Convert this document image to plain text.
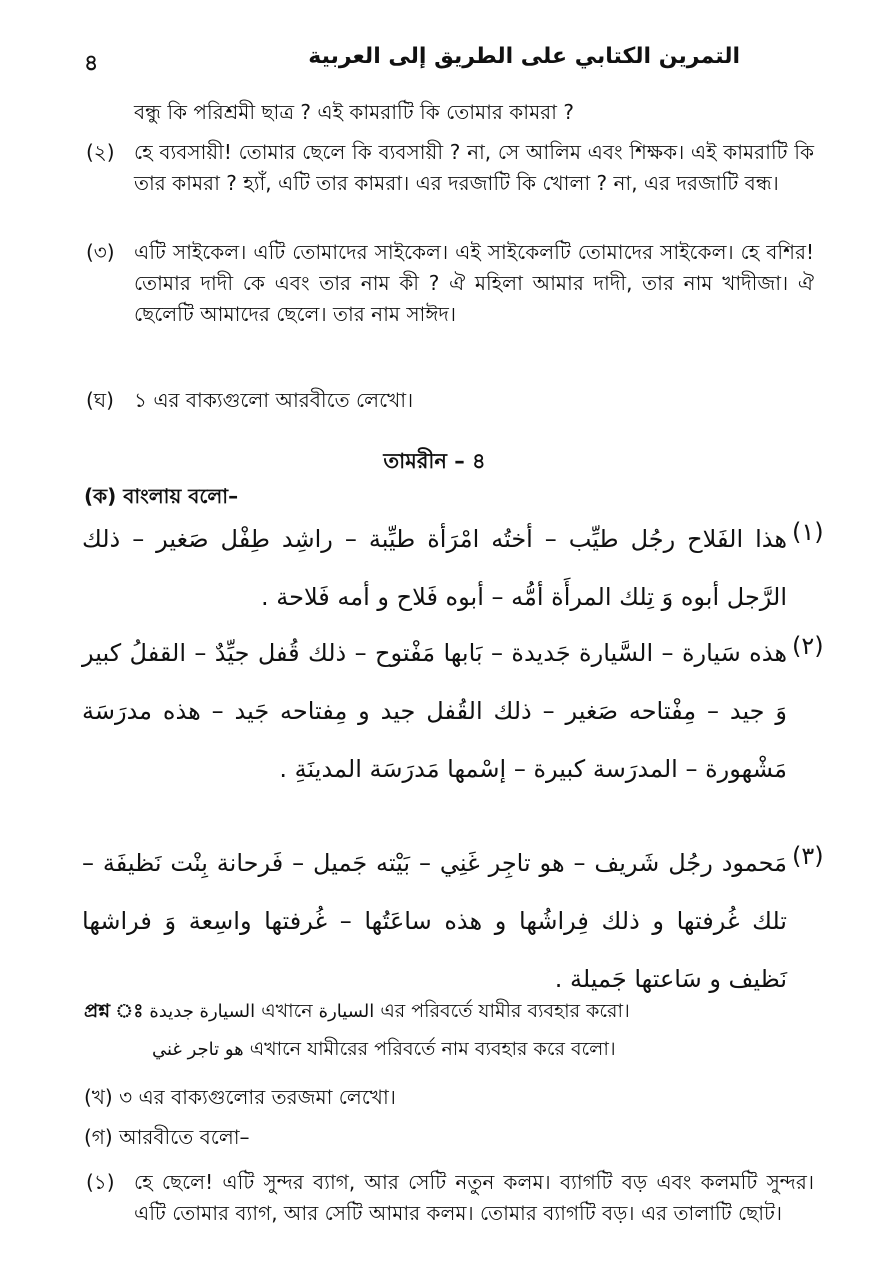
৪	التمرين الكتابي على الطريق إلى العربية
বন্ধু কি পরিশ্রমী ছাত্র ? এই কামরাটি কি তোমার কামরা ?
(২) হে ব্যবসায়ী! তোমার ছেলে কি ব্যবসায়ী ? না, সে আলিম এবং শিক্ষক। এই কামরাটি কি তার কামরা ? হ্যাঁ, এটি তার কামরা। এর দরজাটি কি খোলা ? না, এর দরজাটি বন্ধ।
(৩) এটি সাইকেল। এটি তোমাদের সাইকেল। এই সাইকেলটি তোমাদের সাইকেল। হে বশির! তোমার দাদী কে এবং তার নাম কী ? ঐ মহিলা আমার দাদী, তার নাম খাদীজা। ঐ ছেলেটি আমাদের ছেলে। তার নাম সাঈদ।
(ঘ) ১ এর বাক্যগুলো আরবীতে লেখো।
তামরীন – ৪
(ক) বাংলায় বলো–
(١)
هذا الفَلاح رجُل طيِّب – أختُه امْرَأة طيِّبة – راشِد طِفْل صَغير – ذلك الرَّجل أبوه وَ تِلك المرأَة أمُّه – أبوه فَلاح و أمه فَلاحة .
(٢)
هذه سَيارة – السَّيارة جَديدة – بَابها مَفْتوح – ذلك قُفل جيِّدٌ – القفلُ كبير وَ جيد – مِفْتاحه صَغير – ذلك القُفل جيد و مِفتاحه جَيد – هذه مدرَسَة مَشْهورة – المدرَسة كبيرة – إسْمها مَدرَسَة المدينَةِ .
(٣)
مَحمود رجُل شَريف – هو تاجِر غَنِي – بَيْته جَميل – فَرحانة بِنْت نَظيفَة – تلك غُرفتها و ذلك فِراشُها و هذه ساعَتُها – غُرفتها واسِعة وَ فراشها نَظيف و سَاعتها جَميلة .
প্রশ্ন ঃ السيارة جديدة এখানে السيارة এর পরিবর্তে যামীর ব্যবহার করো।
هو تاجر غني এখানে যামীরের পরিবর্তে নাম ব্যবহার করে বলো।
(খ) ৩ এর বাক্যগুলোর তরজমা লেখো।
(গ) আরবীতে বলো–
(১) হে ছেলে! এটি সুন্দর ব্যাগ, আর সেটি নতুন কলম। ব্যাগটি বড় এবং কলমটি সুন্দর। এটি তোমার ব্যাগ, আর সেটি আমার কলম। তোমার ব্যাগটি বড়। এর তালাটি ছোট।
